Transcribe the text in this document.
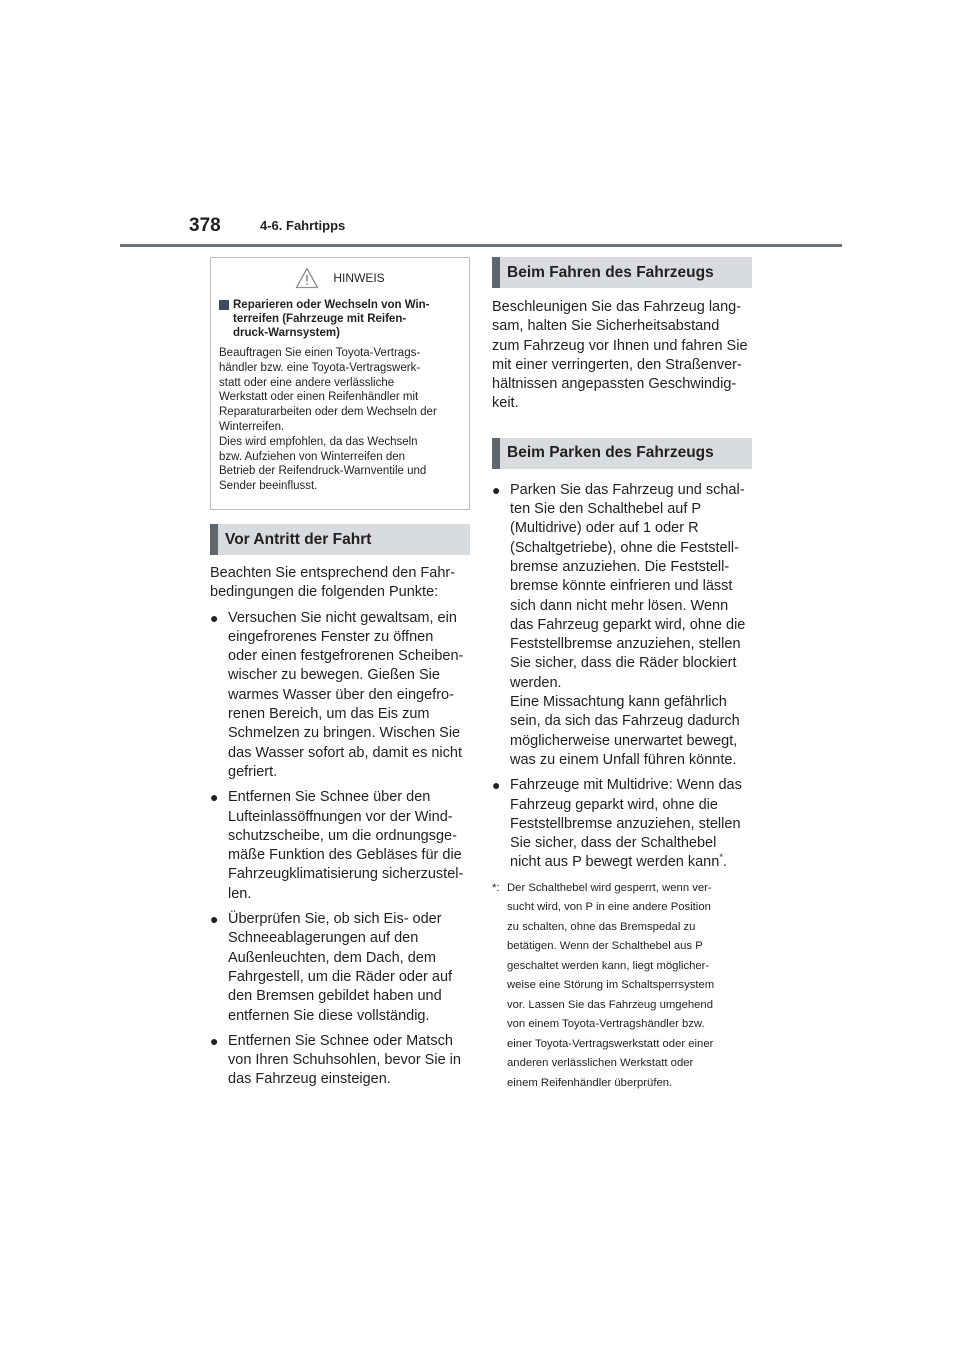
378	4-6. Fahrtipps
HINWEIS
Reparieren oder Wechseln von Win-
terreifen (Fahrzeuge mit Reifen-
druck-Warnsystem)
Beauftragen Sie einen Toyota-Vertrags-
händler bzw. eine Toyota-Vertragswerk-
statt oder eine andere verlässliche
Werkstatt oder einen Reifenhändler mit
Reparaturarbeiten oder dem Wechseln der
Winterreifen.
Dies wird empfohlen, da das Wechseln
bzw. Aufziehen von Winterreifen den
Betrieb der Reifendruck-Warnventile und
Sender beeinflusst.
Vor Antritt der Fahrt
Beachten Sie entsprechend den Fahr-
bedingungen die folgenden Punkte:
● Versuchen Sie nicht gewaltsam, ein
eingefrorenes Fenster zu öffnen
oder einen festgefrorenen Scheiben-
wischer zu bewegen. Gießen Sie
warmes Wasser über den eingefro-
renen Bereich, um das Eis zum
Schmelzen zu bringen. Wischen Sie
das Wasser sofort ab, damit es nicht
gefriert.
● Entfernen Sie Schnee über den
Lufteinlassöffnungen vor der Wind-
schutzscheibe, um die ordnungsge-
mäße Funktion des Gebläses für die
Fahrzeugklimatisierung sicherzustel-
len.
● Überprüfen Sie, ob sich Eis- oder
Schneeablagerungen auf den
Außenleuchten, dem Dach, dem
Fahrgestell, um die Räder oder auf
den Bremsen gebildet haben und
entfernen Sie diese vollständig.
● Entfernen Sie Schnee oder Matsch
von Ihren Schuhsohlen, bevor Sie in
das Fahrzeug einsteigen.
Beim Fahren des Fahrzeugs
Beschleunigen Sie das Fahrzeug lang-
sam, halten Sie Sicherheitsabstand
zum Fahrzeug vor Ihnen und fahren Sie
mit einer verringerten, den Straßenver-
hältnissen angepassten Geschwindig-
keit.
Beim Parken des Fahrzeugs
● Parken Sie das Fahrzeug und schal-
ten Sie den Schalthebel auf P
(Multidrive) oder auf 1 oder R
(Schaltgetriebe), ohne die Feststell-
bremse anzuziehen. Die Feststell-
bremse könnte einfrieren und lässt
sich dann nicht mehr lösen. Wenn
das Fahrzeug geparkt wird, ohne die
Feststellbremse anzuziehen, stellen
Sie sicher, dass die Räder blockiert
werden.
Eine Missachtung kann gefährlich
sein, da sich das Fahrzeug dadurch
möglicherweise unerwartet bewegt,
was zu einem Unfall führen könnte.
● Fahrzeuge mit Multidrive: Wenn das
Fahrzeug geparkt wird, ohne die
Feststellbremse anzuziehen, stellen
Sie sicher, dass der Schalthebel
nicht aus P bewegt werden kann*.
*: Der Schalthebel wird gesperrt, wenn ver-
sucht wird, von P in eine andere Position
zu schalten, ohne das Bremspedal zu
betätigen. Wenn der Schalthebel aus P
geschaltet werden kann, liegt möglicher-
weise eine Störung im Schaltsperrsystem
vor. Lassen Sie das Fahrzeug umgehend
von einem Toyota-Vertragshändler bzw.
einer Toyota-Vertragswerkstatt oder einer
anderen verlässlichen Werkstatt oder
einem Reifenhändler überprüfen.
